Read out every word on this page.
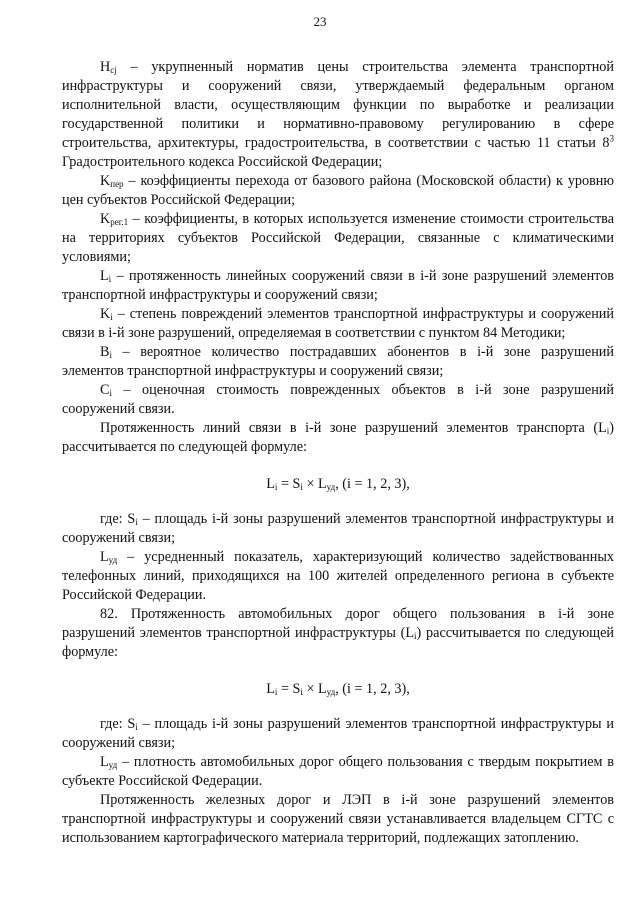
23

$H_{cj}$ – укрупненный норматив цены строительства элемента транспортной инфраструктуры и сооружений связи, утверждаемый федеральным органом исполнительной власти, осуществляющим функции по выработке и реализации государственной политики и нормативно-правовому регулированию в сфере строительства, архитектуры, градостроительства, в соответствии с частью 11 статьи $8^3$ Градостроительного кодекса Российской Федерации;

$K_{пер}$ – коэффициенты перехода от базового района (Московской области) к уровню цен субъектов Российской Федерации;

$K_{рег.1}$ – коэффициенты, в которых используется изменение стоимости строительства на территориях субъектов Российской Федерации, связанные с климатическими условиями;

$L_i$ – протяженность линейных сооружений связи в i-й зоне разрушений элементов транспортной инфраструктуры и сооружений связи;

$K_i$ – степень повреждений элементов транспортной инфраструктуры и сооружений связи в i-й зоне разрушений, определяемая в соответствии с пунктом 84 Методики;

$B_i$ – вероятное количество пострадавших абонентов в i-й зоне разрушений элементов транспортной инфраструктуры и сооружений связи;

$C_i$ – оценочная стоимость поврежденных объектов в i-й зоне разрушений сооружений связи.

Протяженность линий связи в i-й зоне разрушений элементов транспорта $(L_i)$ рассчитывается по следующей формуле:

$L_i = S_i \times L_{уд}$, (i = 1, 2, 3),

где: $S_i$ – площадь i-й зоны разрушений элементов транспортной инфраструктуры и сооружений связи;

$L_{уд}$ – усредненный показатель, характеризующий количество задействованных телефонных линий, приходящихся на 100 жителей определенного региона в субъекте Российской Федерации.

82. Протяженность автомобильных дорог общего пользования в i-й зоне разрушений элементов транспортной инфраструктуры $(L_i)$ рассчитывается по следующей формуле:

$L_i = S_i \times L_{уд}$, (i = 1, 2, 3),

где: $S_i$ – площадь i-й зоны разрушений элементов транспортной инфраструктуры и сооружений связи;

$L_{уд}$ – плотность автомобильных дорог общего пользования с твердым покрытием в субъекте Российской Федерации.

Протяженность железных дорог и ЛЭП в i-й зоне разрушений элементов транспортной инфраструктуры и сооружений связи устанавливается владельцем СГТС с использованием картографического материала территорий, подлежащих затоплению.
